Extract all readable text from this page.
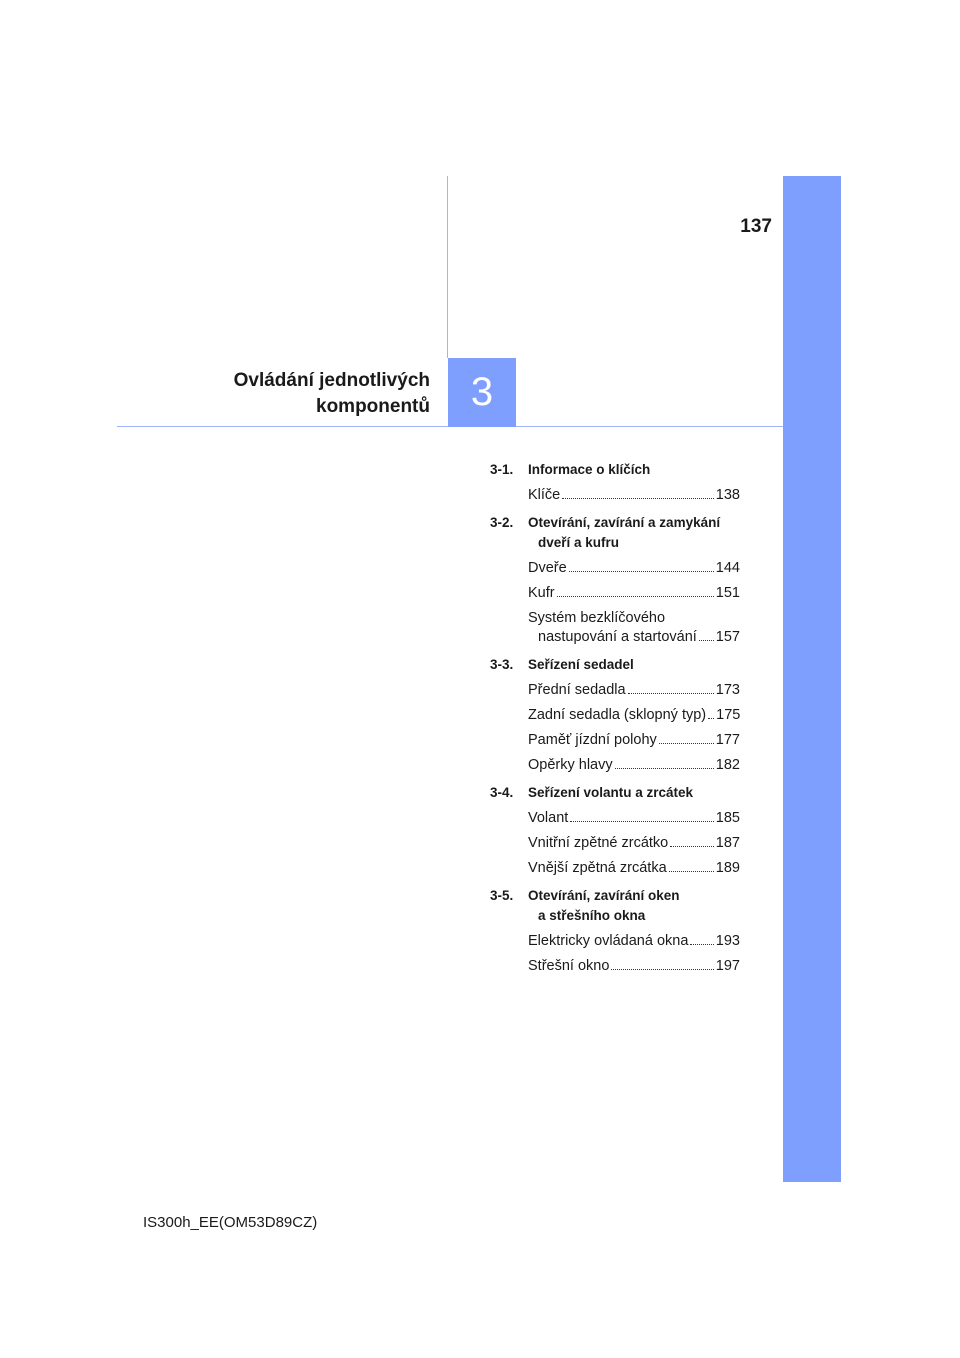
3
137
Ovládání jednotlivých
komponentů
3-1.	Informace o klíčích
Klíče	138
3-2.	Otevírání, zavírání a zamykání
dveří a kufru
Dveře	144
Kufr	151
Systém bezklíčového
nastupování a startování 157
3-3.	Seřízení sedadel
Přední sedadla	173
Zadní sedadla (sklopný typ) 175
Paměť jízdní polohy	177
Opěrky hlavy	182
3-4.	Seřízení volantu a zrcátek
Volant	185
Vnitřní zpětné zrcátko	187
Vnější zpětná zrcátka	189
3-5.	Otevírání, zavírání oken
a střešního okna
Elektricky ovládaná okna 193
Střešní okno	197
IS300h_EE(OM53D89CZ)
